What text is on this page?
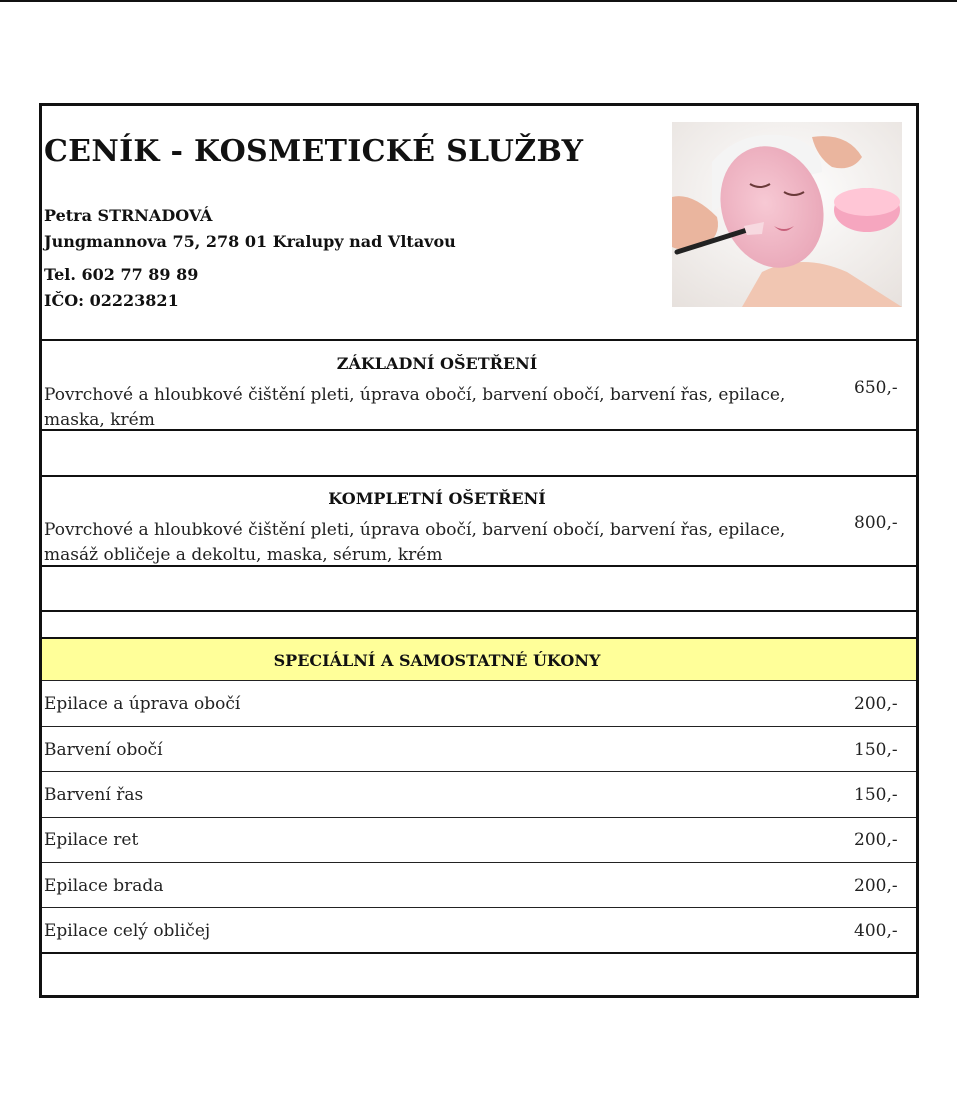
CENÍK - KOSMETICKÉ SLUŽBY
Petra STRNADOVÁ
Jungmannova 75, 278 01 Kralupy nad Vltavou
Tel. 602 77 89 89
IČO: 02223821
ZÁKLADNÍ OŠETŘENÍ
Povrchové a hloubkové čištění pleti, úprava obočí, barvení obočí, barvení řas, epilace,
maska, krém
650,-
KOMPLETNÍ OŠETŘENÍ
Povrchové a hloubkové čištění pleti, úprava obočí, barvení obočí, barvení řas, epilace,
masáž obličeje a dekoltu, maska, sérum, krém
800,-
SPECIÁLNÍ A SAMOSTATNÉ ÚKONY
Epilace a úprava obočí	200,-
Barvení obočí	150,-
Barvení řas	150,-
Epilace ret	200,-
Epilace brada	200,-
Epilace celý obličej	400,-
